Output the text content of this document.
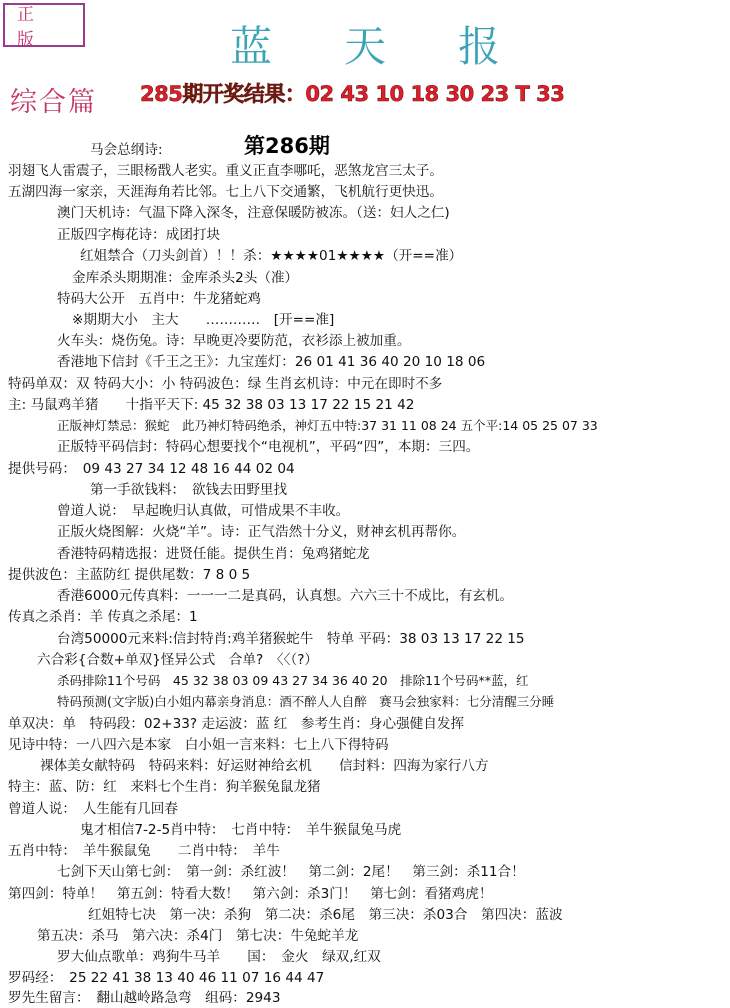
正 版	蓝 天 报
综合篇 285期开奖结果：02 43 10 18 30 23 T 33
第286期
马会总纲诗:
羽翅飞人雷震子，三眼杨戬人老实。重义正直李哪吒，恶煞龙宫三太子。
五湖四海一家亲，天涯海角若比邻。七上八下交通繁，飞机航行更快迅。
澳门天机诗：气温下降入深冬，注意保暖防被冻。（送：妇人之仁)
正版四字梅花诗：成团打块
红姐禁合（刀头剑首）！！杀：★★★★01★★★★（开==准）
金库杀头期期准：金库杀头2头（准）
特码大公开　五肖中：牛龙猪蛇鸡
※期期大小　主大　　…………　[开==准]
火车头：烧伤兔。诗：早晚更冷要防范，衣衫添上被加重。
香港地下信封《千王之王》：九宝莲灯：26 01 41 36 40 20 10 18 06
特码单双：双 特码大小：小 特码波色：绿 生肖玄机诗：中元在即时不多
主: 马鼠鸡羊猪　　十指平天下: 45 32 38 03 13 17 22 15 21 42
正版神灯禁忌：猴蛇　此乃神灯特码绝杀，神灯五中特:37 31 11 08 24 五个平:14 05 25 07 33
正版特平码信封：特码心想要找个“电视机”，平码“四”，本期：三四。
提供号码：　09 43 27 34 12 48 16 44 02 04
第一手欲钱料：　欲钱去田野里找
曾道人说：　早起晚归认真做，可惜成果不丰收。
正版火烧图解：火烧“羊”。诗：正气浩然十分义，财神玄机再帮你。
香港特码精选报：进贤任能。提供生肖：兔鸡猪蛇龙
提供波色：主蓝防红 提供尾数：7 8 0 5
香港6000元传真料：一一一二是真码，认真想。六六三十不成比，有玄机。
传真之杀肖：羊 传真之杀尾：1
台湾50000元来料:信封特肖:鸡羊猪猴蛇牛　特单 平码：38 03 13 17 22 15
六合彩{合数+单双}怪异公式　合单?　〈〈（?）
杀码排除11个号码　45 32 38 03 09 43 27 34 36 40 20　排除11个号码**蓝，红
特码预测(文字版)白小姐内幕亲身消息：酒不醉人人自醉　赛马会独家料：七分清醒三分睡
单双决：单　特码段：02+33? 走运波：蓝 红　参考生肖：身心强健自发挥
见诗中特：一八四六是本家　白小姐一言来料：七上八下得特码
裸体美女献特码　特码来料：好运财神给玄机　　信封料：四海为家行八方
特主：蓝、防：红　来料七个生肖：狗羊猴兔鼠龙猪
曾道人说：　人生能有几回春
鬼才相信7-2-5肖中特：　七肖中特：　羊牛猴鼠兔马虎
五肖中特：　羊牛猴鼠兔　　二肖中特：　羊牛
七剑下天山第七剑：　第一剑：杀红波！　第二剑：2尾！　第三剑：杀11合！
第四剑：特单！　第五剑：特看大数！　第六剑：杀3门！　第七剑：看猪鸡虎！
红姐特七决　第一决：杀狗　第二决：杀6尾　第三决：杀03合　第四决：蓝波
第五决：杀马　第六决：杀4门　第七决：牛兔蛇羊龙
罗大仙点歌单：鸡狗牛马羊　　国：　金火　绿双,红双
罗码经：　25 22 41 38 13 40 46 11 07 16 44 47
罗先生留言：　翻山越岭路急弯　组码：2943
